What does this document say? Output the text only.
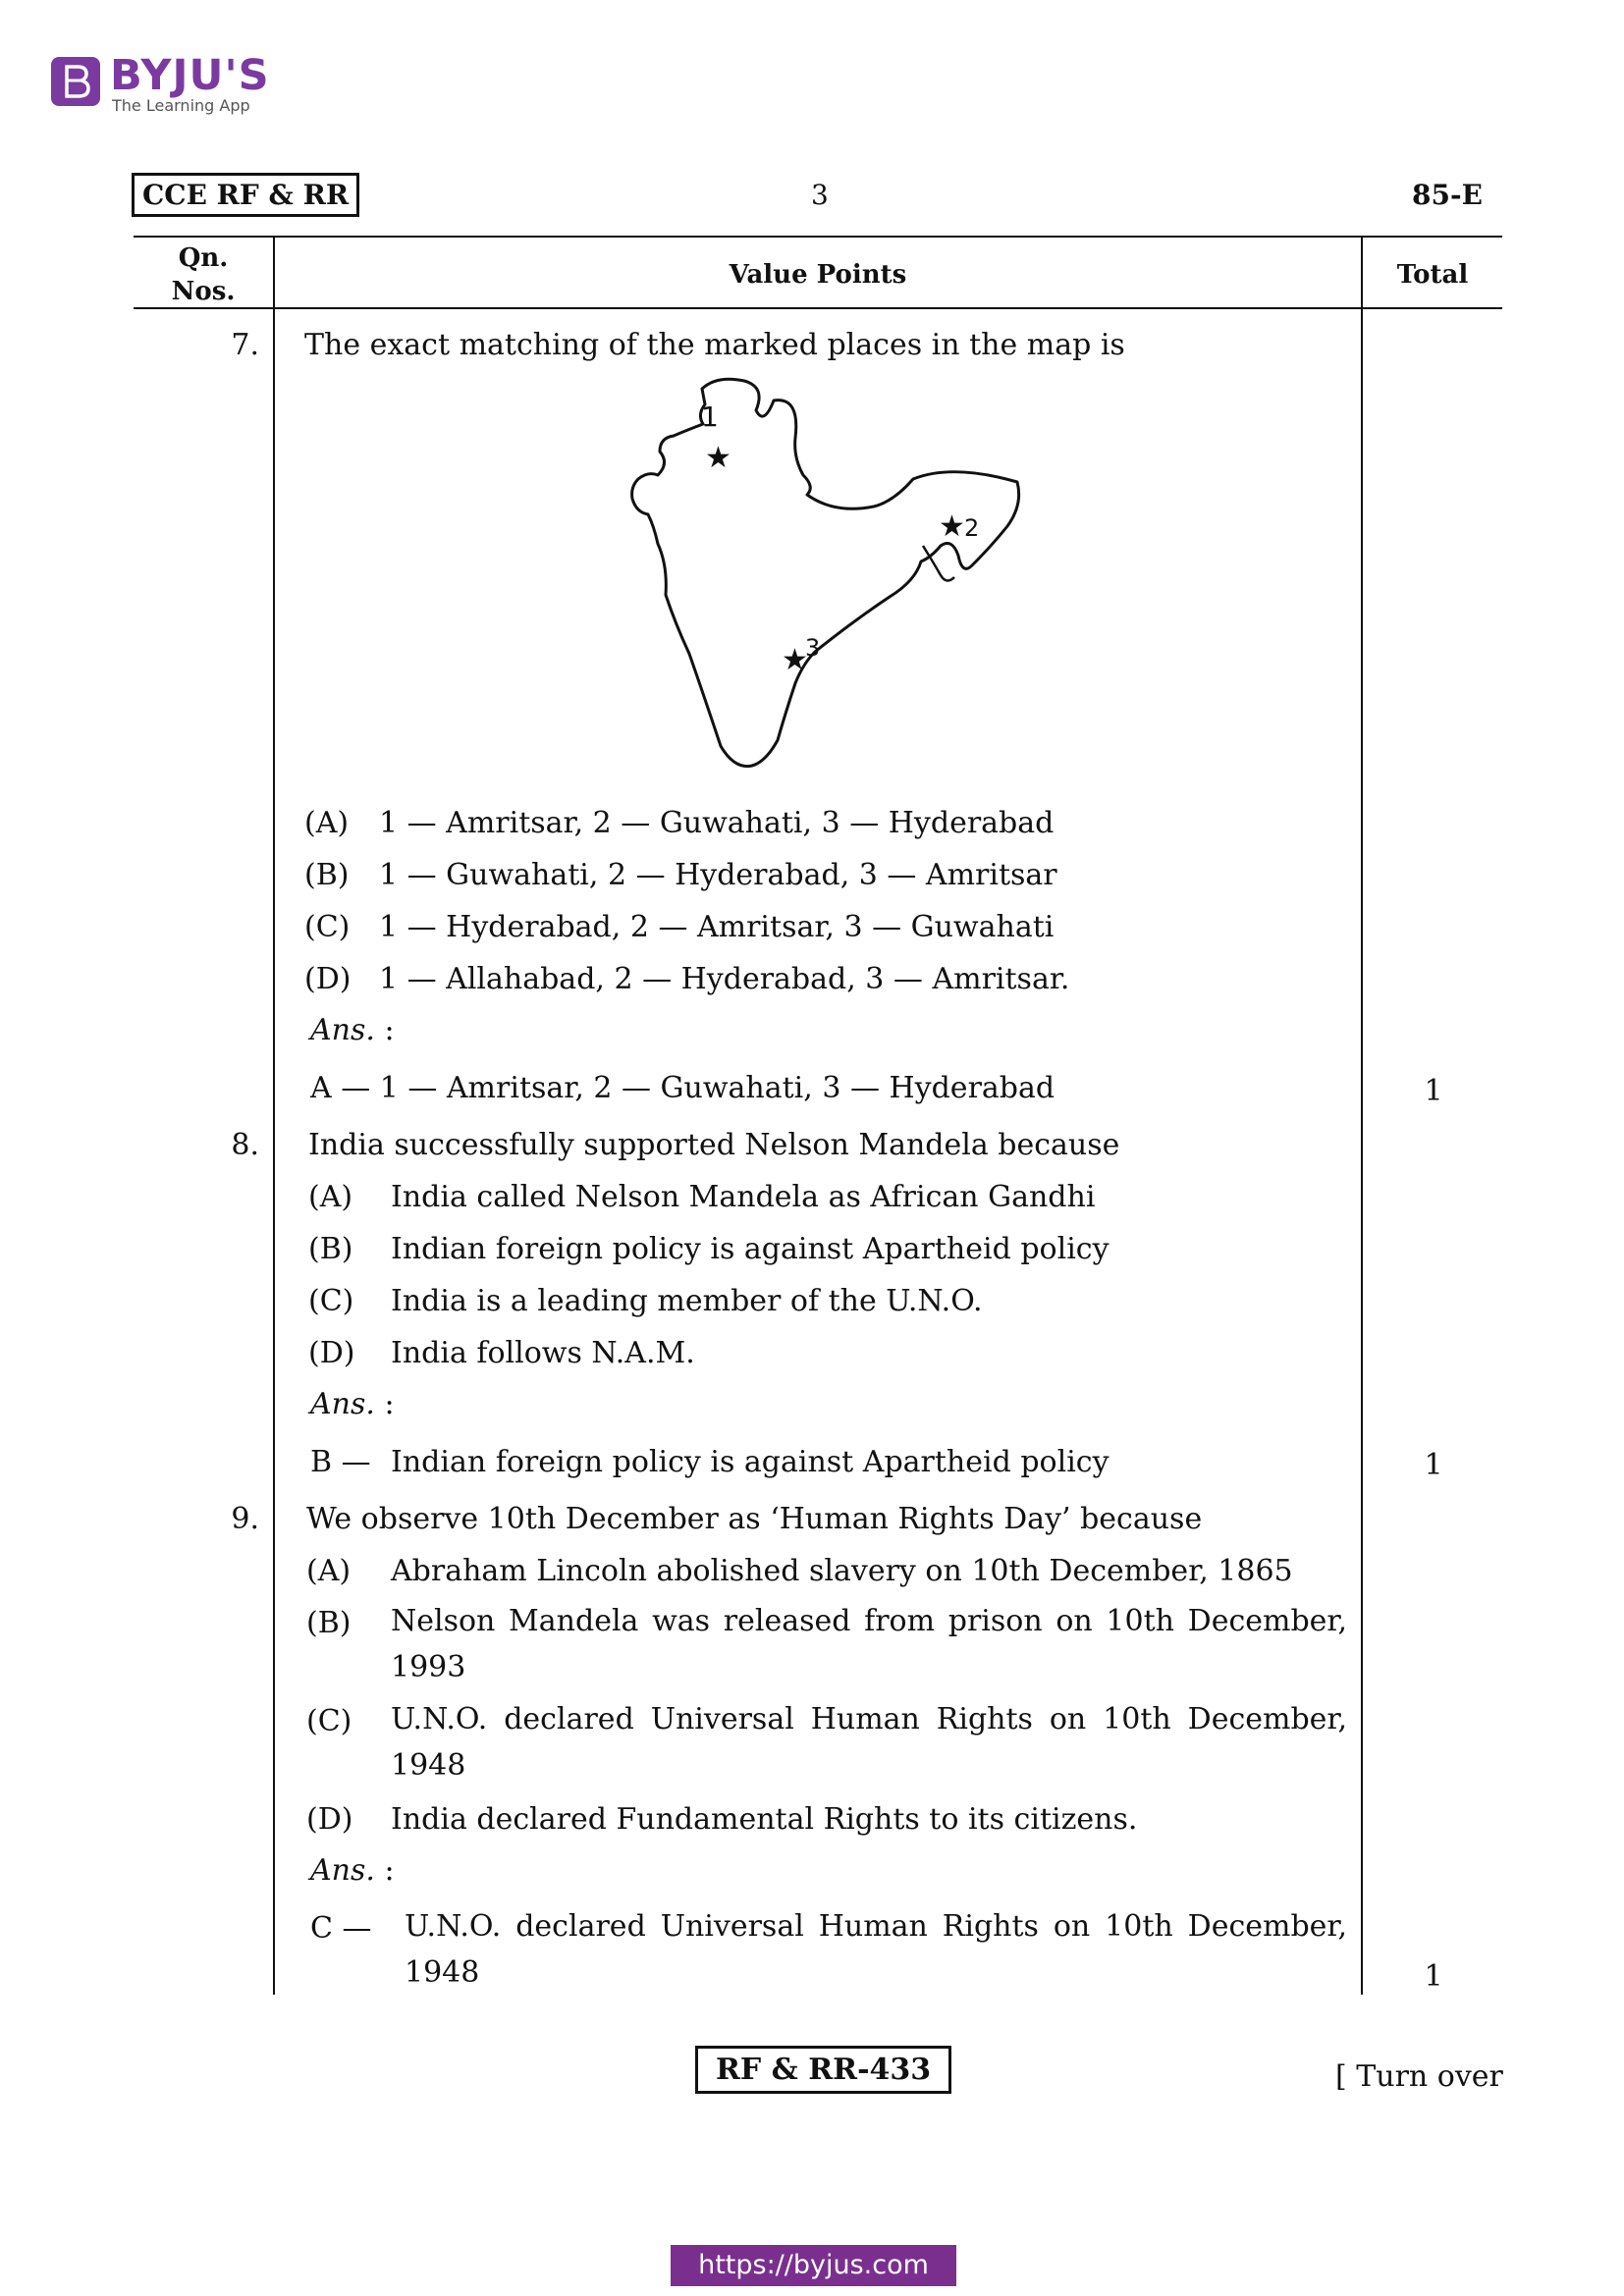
BYJU'S
The Learning App
CCE RF & RR	3	85-E
Qn.
Nos.
Value Points	Total
7. The exact matching of the marked places in the map is
1
★
★ 2
★
3
(A) 1 — Amritsar, 2 — Guwahati, 3 — Hyderabad
(B) 1 — Guwahati, 2 — Hyderabad, 3 — Amritsar
(C) 1 — Hyderabad, 2 — Amritsar, 3 — Guwahati
(D) 1 — Allahabad, 2 — Hyderabad, 3 — Amritsar.
Ans. :
A — 1 — Amritsar, 2 — Guwahati, 3 — Hyderabad	1
8. India successfully supported Nelson Mandela because
(A) India called Nelson Mandela as African Gandhi
(B) Indian foreign policy is against Apartheid policy
(C) India is a leading member of the U.N.O.
(D) India follows N.A.M.
Ans. :
B — Indian foreign policy is against Apartheid policy	1
9. We observe 10th December as ‘Human Rights Day’ because
(A) Abraham Lincoln abolished slavery on 10th December, 1865
(B) Nelson Mandela was released from prison on 10th December, 1993
(C) U.N.O. declared Universal Human Rights on 10th December, 1948
(D) India declared Fundamental Rights to its citizens.
Ans. :
C — U.N.O. declared Universal Human Rights on 10th December, 1948	1
RF & RR-433	[ Turn over
https://byjus.com
